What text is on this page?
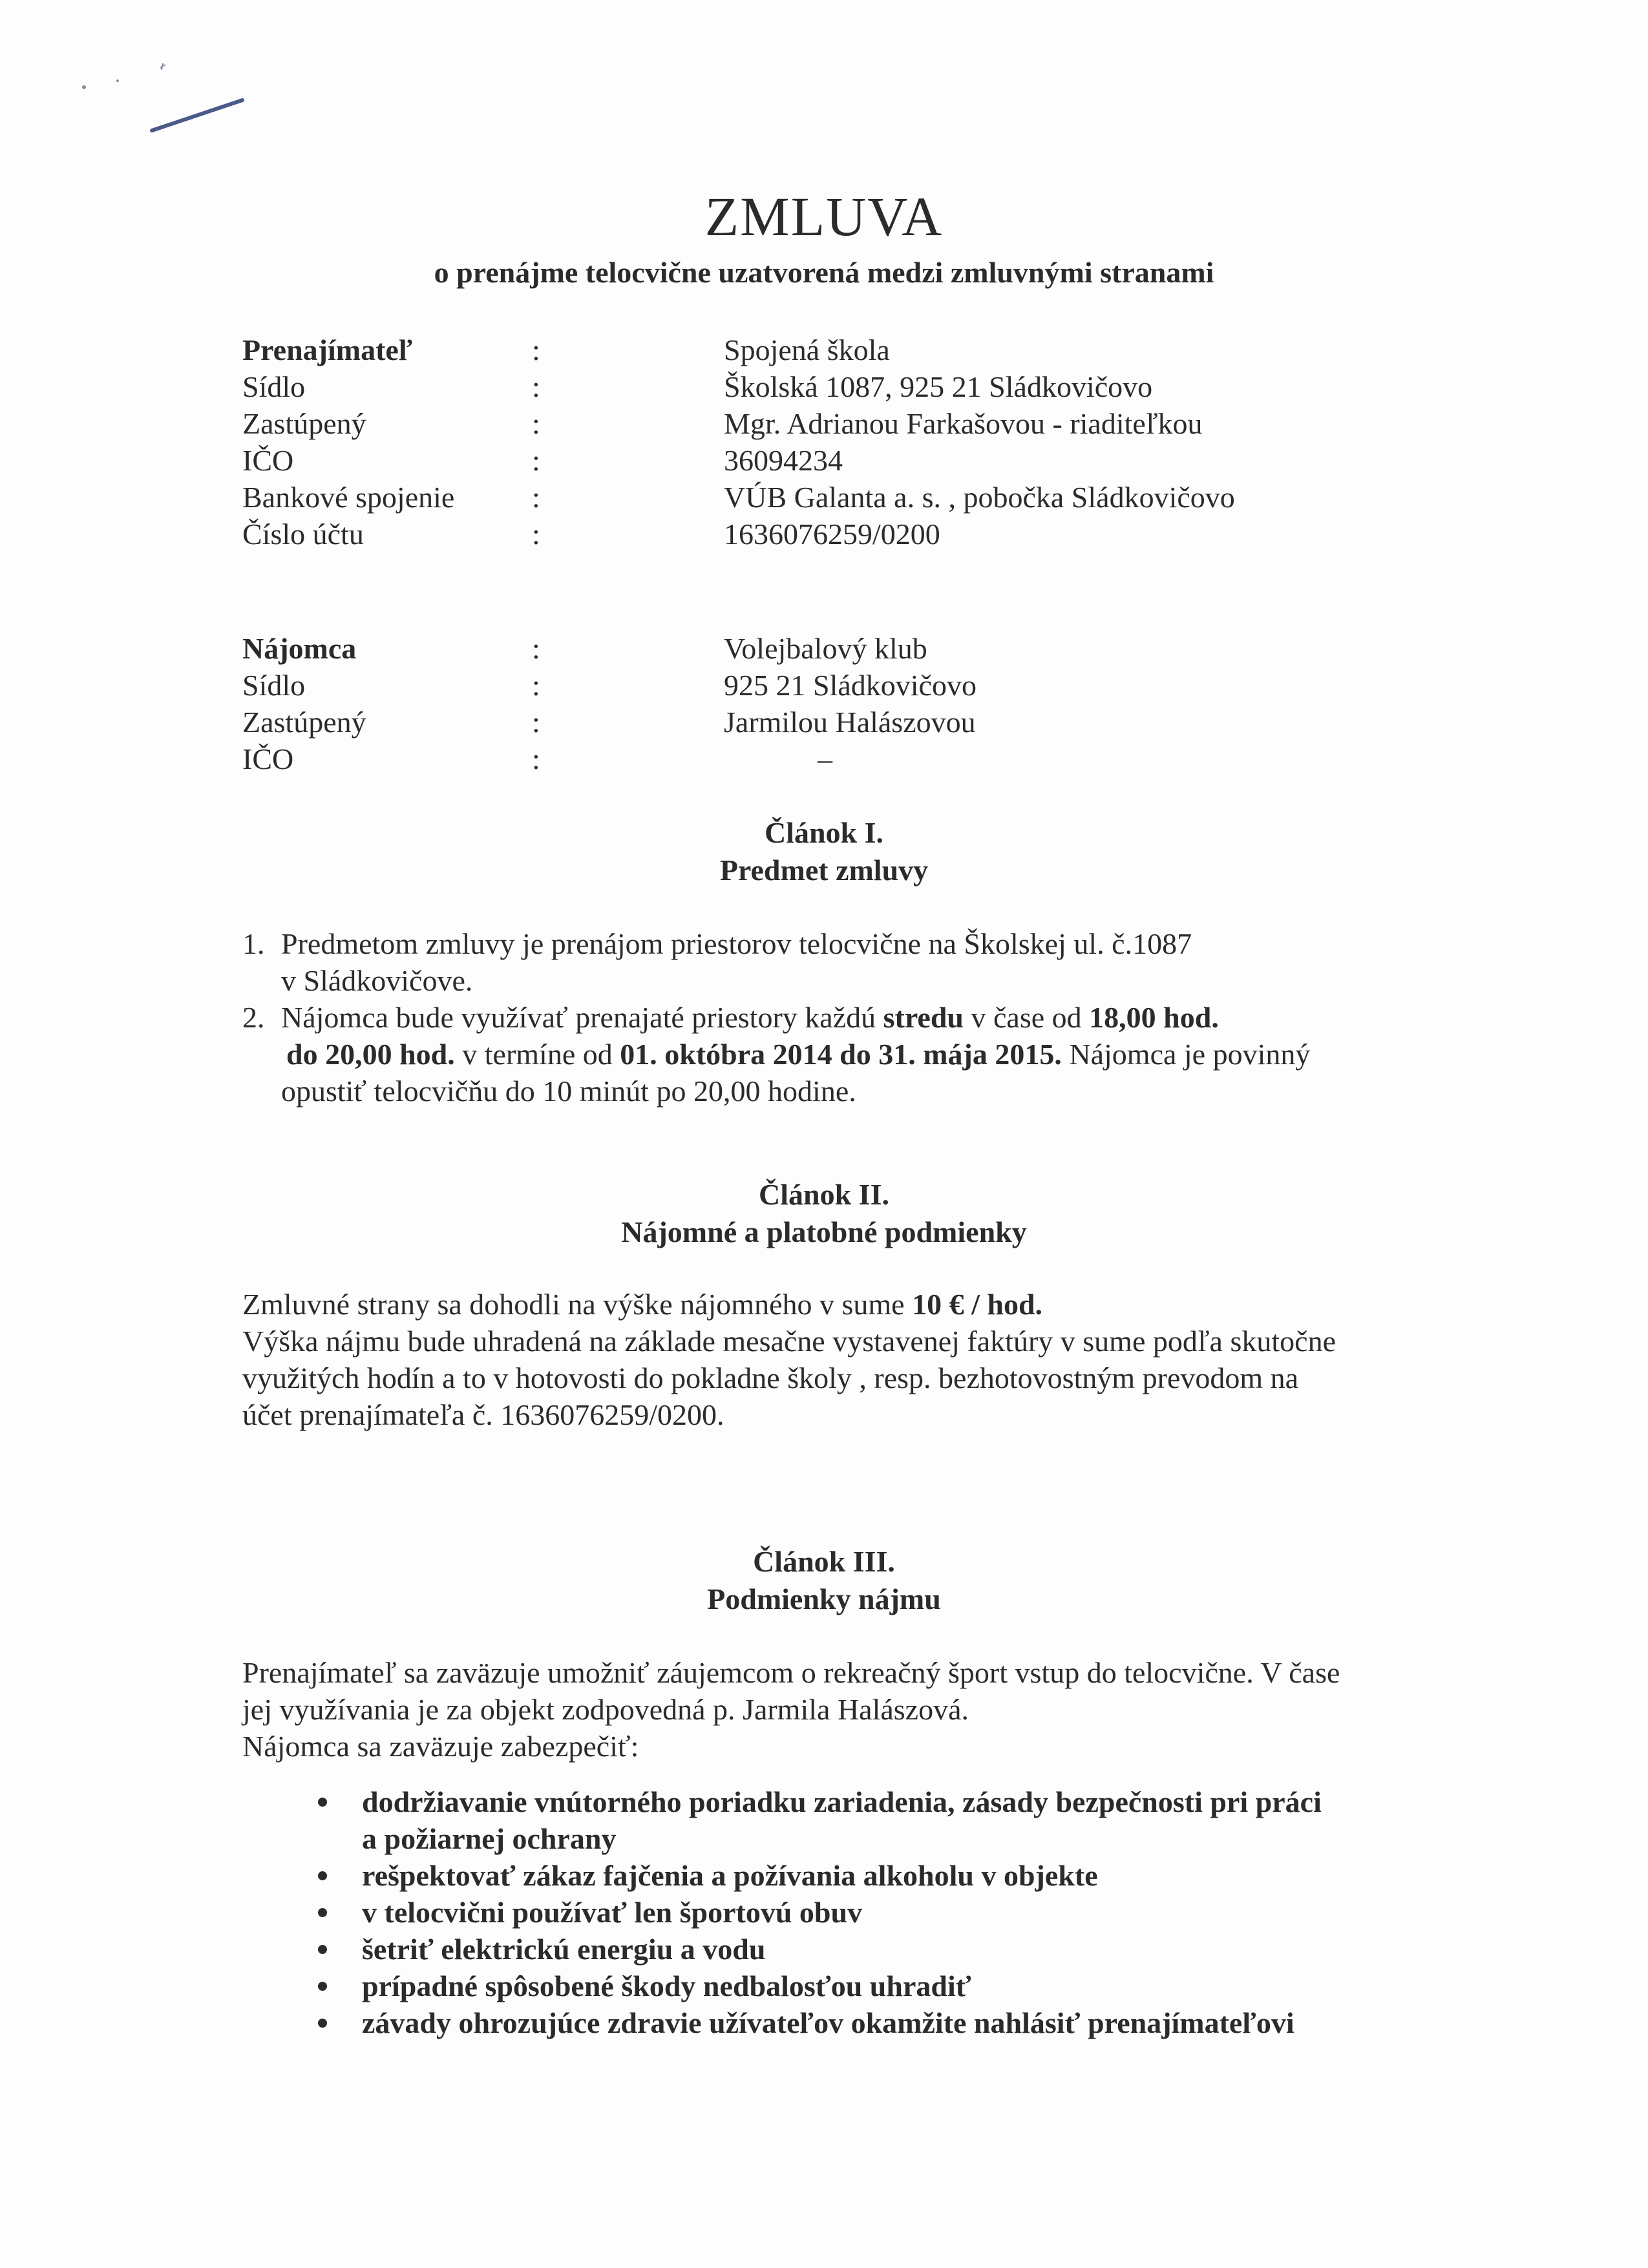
ZMLUVA
o prenájme telocvične uzatvorená medzi zmluvnými stranami
Prenajímateľ	:	Spojená škola
Sídlo	:	Školská 1087, 925 21 Sládkovičovo
Zastúpený	:	Mgr. Adrianou Farkašovou - riaditeľkou
IČO	:	36094234
Bankové spojenie	:	VÚB Galanta a. s. , pobočka Sládkovičovo
Číslo účtu	:	1636076259/0200
Nájomca	:	Volejbalový klub
Sídlo	:	925 21 Sládkovičovo
Zastúpený	:	Jarmilou Halászovou
IČO	:	–
Článok I.
Predmet zmluvy
1. Predmetom zmluvy je prenájom priestorov telocvične na Školskej ul. č.1087
v Sládkovičove.
2. Nájomca bude využívať prenajaté priestory každú stredu v čase od 18,00 hod.
do 20,00 hod. v termíne od 01. októbra 2014 do 31. mája 2015. Nájomca je povinný
opustiť telocvičňu do 10 minút po 20,00 hodine.
Článok II.
Nájomné a platobné podmienky

Zmluvné strany sa dohodli na výške nájomného v sume 10 € / hod.

Výška nájmu bude uhradená na základe mesačne vystavenej faktúry v sume podľa skutočne

využitých hodín a to v hotovosti do pokladne školy , resp. bezhotovostným prevodom na

účet prenajímateľa č. 1636076259/0200.

Článok III.
Podmienky nájmu

Prenajímateľ sa zaväzuje umožniť záujemcom o rekreačný šport vstup do telocvične. V čase

jej využívania je za objekt zodpovedná p. Jarmila Halászová.

Nájomca sa zaväzuje zabezpečiť:

dodržiavanie vnútorného poriadku zariadenia, zásady bezpečnosti pri práci
a požiarnej ochrany
rešpektovať zákaz fajčenia a požívania alkoholu v objekte
v telocvični používať len športovú obuv
šetriť elektrickú energiu a vodu
prípadné spôsobené škody nedbalosťou uhradiť
závady ohrozujúce zdravie užívateľov okamžite nahlásiť prenajímateľovi
